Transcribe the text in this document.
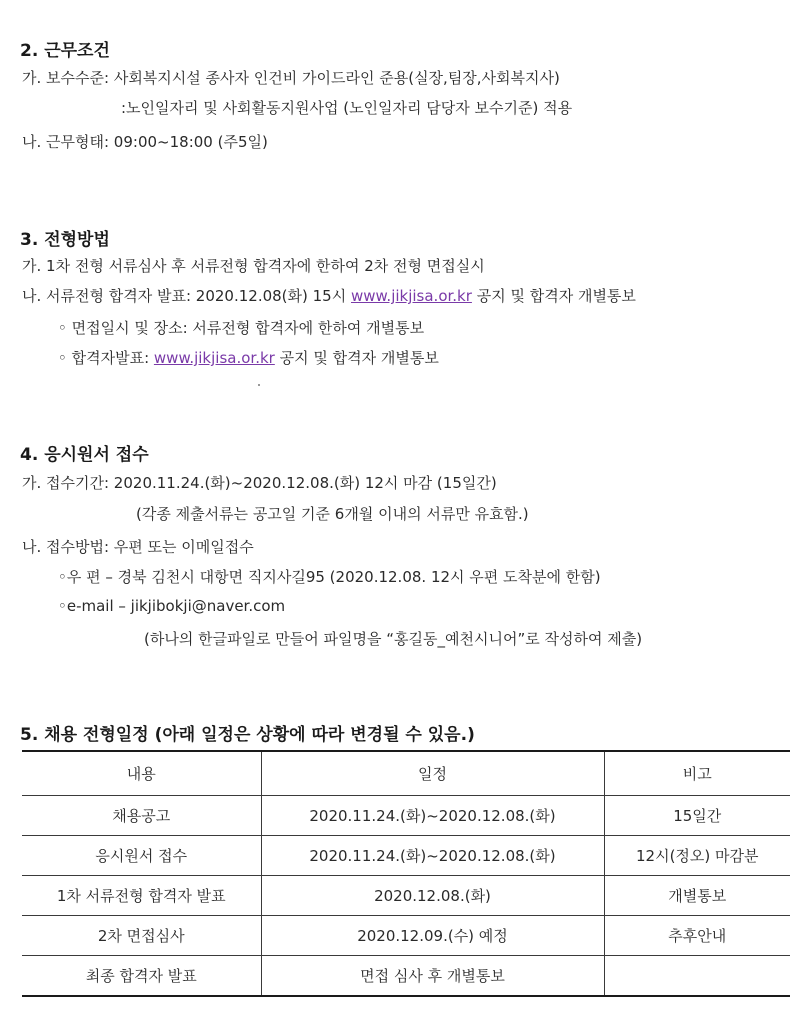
2. 근무조건
가. 보수수준: 사회복지시설 종사자 인건비 가이드라인 준용(실장,팀장,사회복지사)
:노인일자리 및 사회활동지원사업 (노인일자리 담당자 보수기준) 적용
나. 근무형태: 09:00~18:00 (주5일)
3. 전형방법
가. 1차 전형 서류심사 후 서류전형 합격자에 한하여 2차 전형 면접실시
나. 서류전형 합격자 발표: 2020.12.08(화) 15시 www.jikjisa.or.kr 공지 및 합격자 개별통보
◦ 면접일시 및 장소: 서류전형 합격자에 한하여 개별통보
◦ 합격자발표: www.jikjisa.or.kr 공지 및 합격자 개별통보
4. 응시원서 접수
가. 접수기간: 2020.11.24.(화)~2020.12.08.(화) 12시 마감 (15일간)
(각종 제출서류는 공고일 기준 6개월 이내의 서류만 유효함.)
나. 접수방법: 우편 또는 이메일접수
◦우 편 – 경북 김천시 대항면 직지사길95 (2020.12.08. 12시 우편 도착분에 한함)
◦e-mail – jikjibokji@naver.com
(하나의 한글파일로 만들어 파일명을 “홍길동_예천시니어”로 작성하여 제출)
5. 채용 전형일정 (아래 일정은 상황에 따라 변경될 수 있음.)
내용	일정	비고
채용공고	2020.11.24.(화)~2020.12.08.(화)	15일간
응시원서 접수	2020.11.24.(화)~2020.12.08.(화)	12시(정오) 마감분
1차 서류전형 합격자 발표	2020.12.08.(화)	개별통보
2차 면접심사	2020.12.09.(수) 예정	추후안내
최종 합격자 발표	면접 심사 후 개별통보	
